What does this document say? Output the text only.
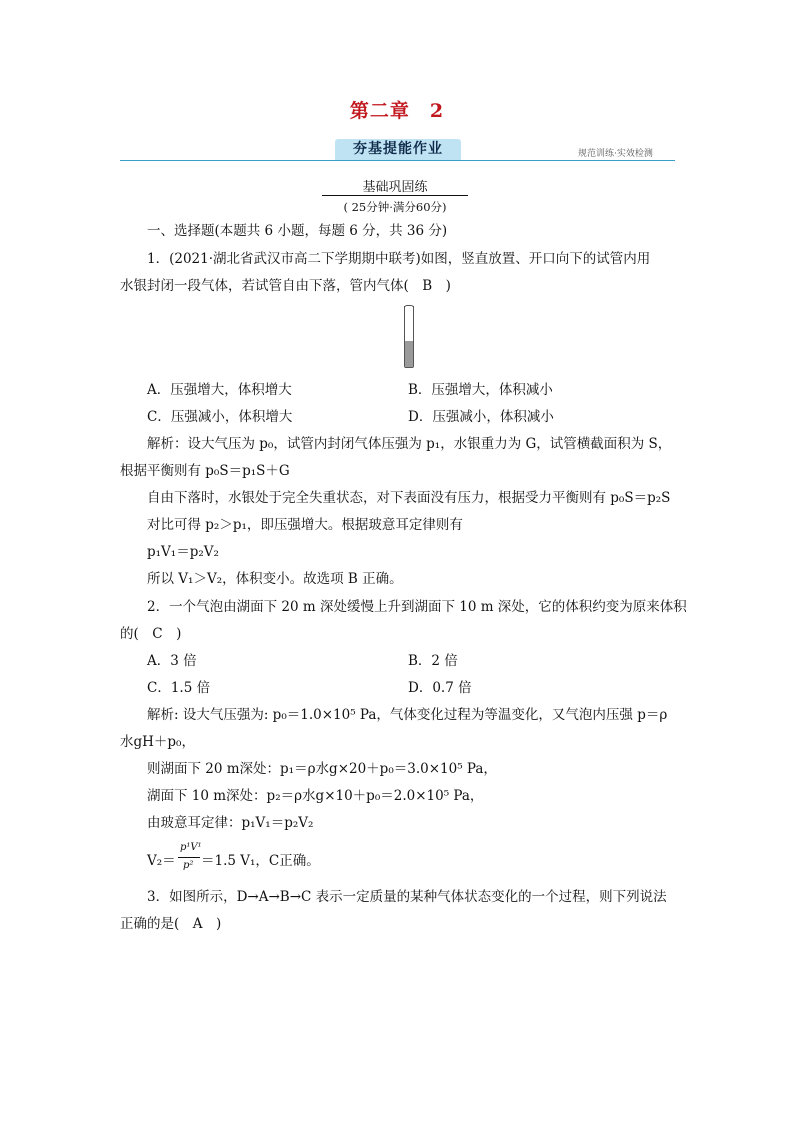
第二章　2
夯基提能作业	规范训练·实效检测
基础巩固练
( 25分钟·满分60分)
一、选择题(本题共 6 小题，每题 6 分，共 36 分)
1．(2021·湖北省武汉市高二下学期期中联考)如图，竖直放置、开口向下的试管内用
水银封闭一段气体，若试管自由下落，管内气体(　B　)
A．压强增大，体积增大	B．压强增大，体积减小
C．压强减小，体积增大	D．压强减小，体积减小
解析：设大气压为 p₀，试管内封闭气体压强为 p₁，水银重力为 G，试管横截面积为 S，
根据平衡则有 p₀S＝p₁S＋G
自由下落时，水银处于完全失重状态，对下表面没有压力，根据受力平衡则有 p₀S＝p₂S
对比可得 p₂＞p₁，即压强增大。根据玻意耳定律则有
p₁V₁＝p₂V₂
所以 V₁＞V₂，体积变小。故选项 B 正确。
2．一个气泡由湖面下 20 m 深处缓慢上升到湖面下 10 m 深处，它的体积约变为原来体积
的(　C　)
A．3 倍	B．2 倍
C．1.5 倍	D．0.7 倍
解析: 设大气压强为: p₀＝1.0×10⁵ Pa，气体变化过程为等温变化，又气泡内压强 p＝ρ
水gH＋p₀，
则湖面下 20 m深处：p₁＝ρ水g×20＋p₀＝3.0×10⁵ Pa，
湖面下 10 m深处：p₂＝ρ水g×10＋p₀＝2.0×10⁵ Pa，
由玻意耳定律：p₁V₁＝p₂V₂
V₂＝
p¹V¹
p² ＝1.5 V₁，C正确。
3．如图所示，D→A→B→C 表示一定质量的某种气体状态变化的一个过程，则下列说法
正确的是(　A　)
